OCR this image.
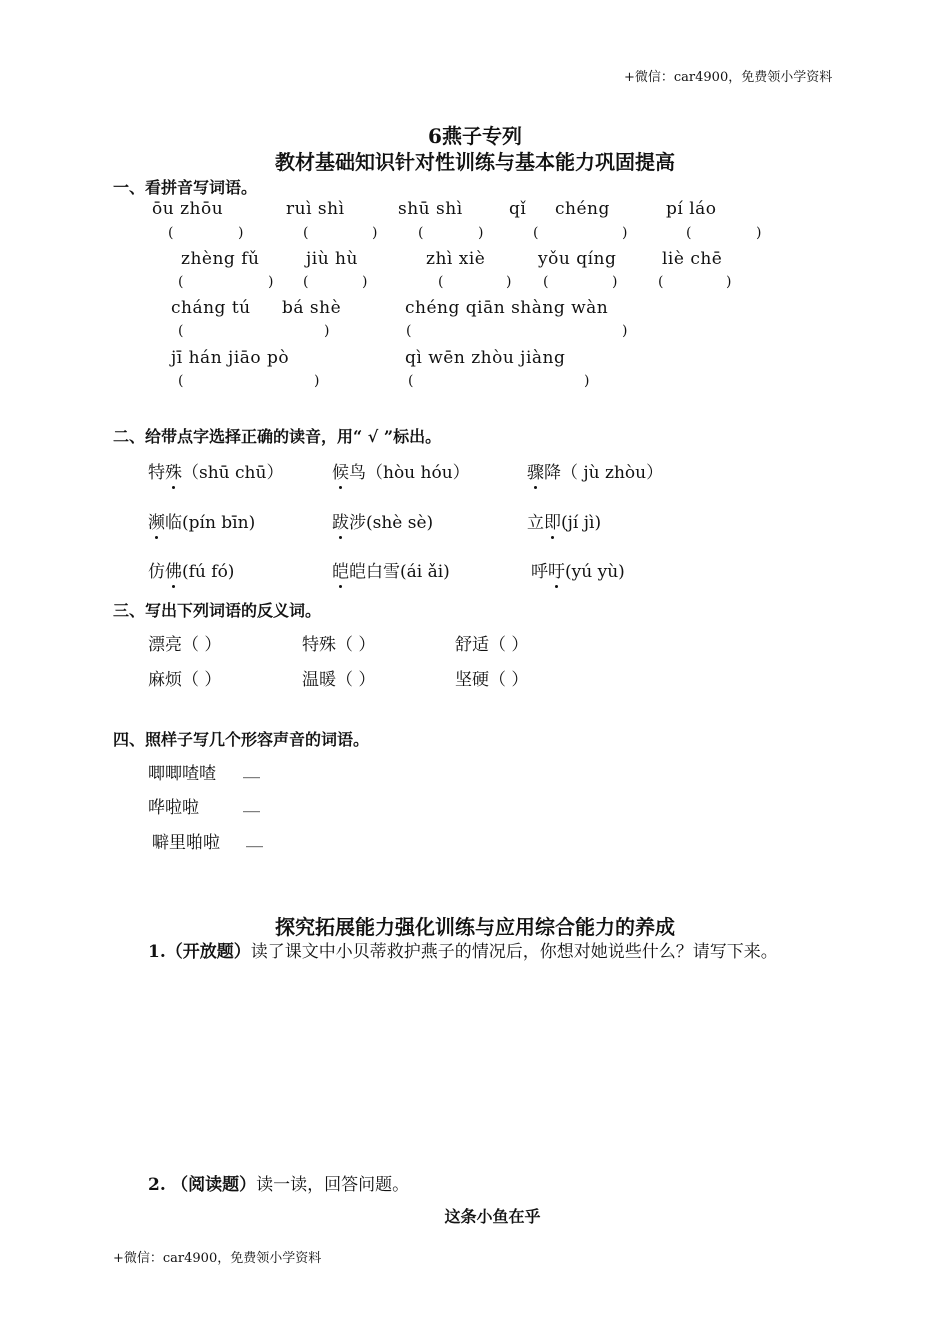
+微信：car4900，免费领小学资料
6燕子专列
教材基础知识针对性训练与基本能力巩固提高
一、看拼音写词语。
ōu zhōu	ruì shì	shū shì	qǐ chéng	pí láo
(	)	(	)	(	)	(	)	(	)
zhèng fǔ	jiù hù	zhì xiè	yǒu qíng	liè chē
(	) (	)	(	) (	)	(	)
cháng tú bá shè	chéng qiān shàng wàn
(	)	(	)
jī hán jiāo pò	qì wēn zhòu jiàng
(	)	(	)
二、给带点字选择正确的读音，用“ √ ”标出。
特殊（shū chū）	候鸟（hòu hóu）	骤降（ jù zhòu）
濒临(pín bīn)	跋涉(shè sè)	立即(jí jì)
仿佛(fú fó)	皑皑白雪(ái ǎi)	呼吁(yú yù)
三、写出下列词语的反义词。
漂亮（ ）	特殊（ ）	舒适（ ）
麻烦（ ）	温暖（ ）	坚硬（ ）
四、照样子写几个形容声音的词语。
唧唧喳喳 __
哗啦啦	__
噼里啪啦 __
探究拓展能力强化训练与应用综合能力的养成
1.（开放题）读了课文中小贝蒂救护燕子的情况后，你想对她说些什么？请写下来。
2. （阅读题）读一读，回答问题。
这条小鱼在乎
+微信：car4900，免费领小学资料
